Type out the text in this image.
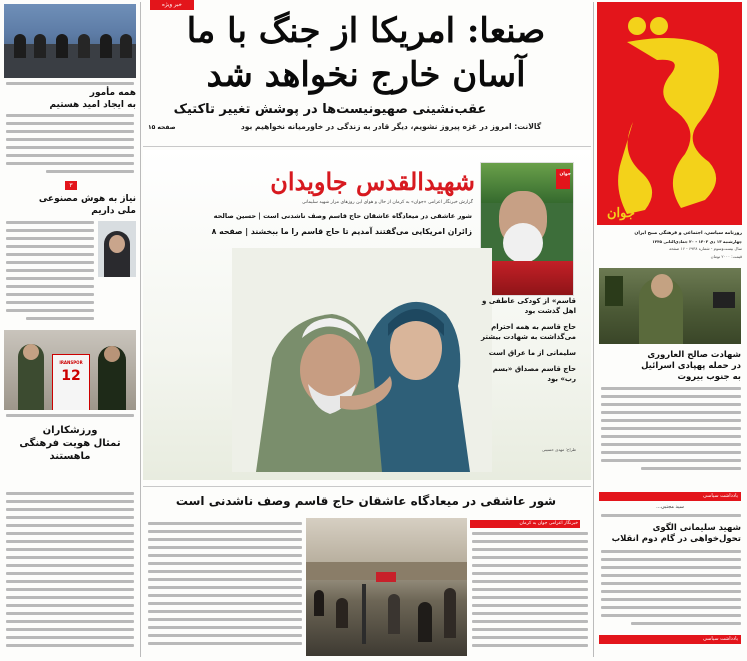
جوان
روزنامه سیاسی، اجتماعی و فرهنگی صبح ایران
چهارشنبه ۱۳ دی ۱۴۰۲ - ۲۰ جمادی‌الثانی ۱۴۴۵
سال بیست‌وسوم - شماره ۶۹۳۸ - ۱۶ صفحه
قیمت: ۲۰۰۰ تومان
شهادت صالح العاروری
در حمله پهپادی اسرائیل
به جنوب بیروت
یادداشت سیاسی
سید مجتبی...
شهید سلیمانی الگوی
تحول‌خواهی در گام دوم انقلاب
یادداشت سیاسی
خبر ویژه
صنعا: امریکا از جنگ با ما
آسان خارج نخواهد شد
عقب‌نشینی صهیونیست‌ها در پوشش تغییر تاکتیک
گالانت: امروز در غزه پیروز نشویم، دیگر قادر به زندگی در خاورمیانه نخواهیم بود
صفحه ۱۵
شهید‌القدس جاویدان
گزارش خبرنگار اعزامی «جوان» به کرمان از حال و هوای این روزهای مزار شهید سلیمانی
شور عاشقی در میعادگاه عاشقان حاج قاسم وصف ناشدنی است | حسین صالحه
زائران امریکایی می‌گفتند آمدیم تا حاج قاسم را ما ببخشند | صفحه ۸
جوان
قاسم» از کودکی عاطفی و اهل گذشت بود
حاج قاسم به همه احترام می‌گذاشت به شهادت بیشتر
سلیمانی از ما عراق است
حاج قاسم مصداق «بسم رب» بود
طراح: مهدی حسینی
شور عاشقی در میعادگاه عاشقان حاج قاسم وصف ناشدنی است
خبرنگار اعزامی جوان به کرمان
همه مأمور
به ایجاد امید هستیم
۳
نیاز به هوش مصنوعی
ملی داریم
IRANSPOR
12
ورزشکاران
تمثال هویت فرهنگی
ماهستند
